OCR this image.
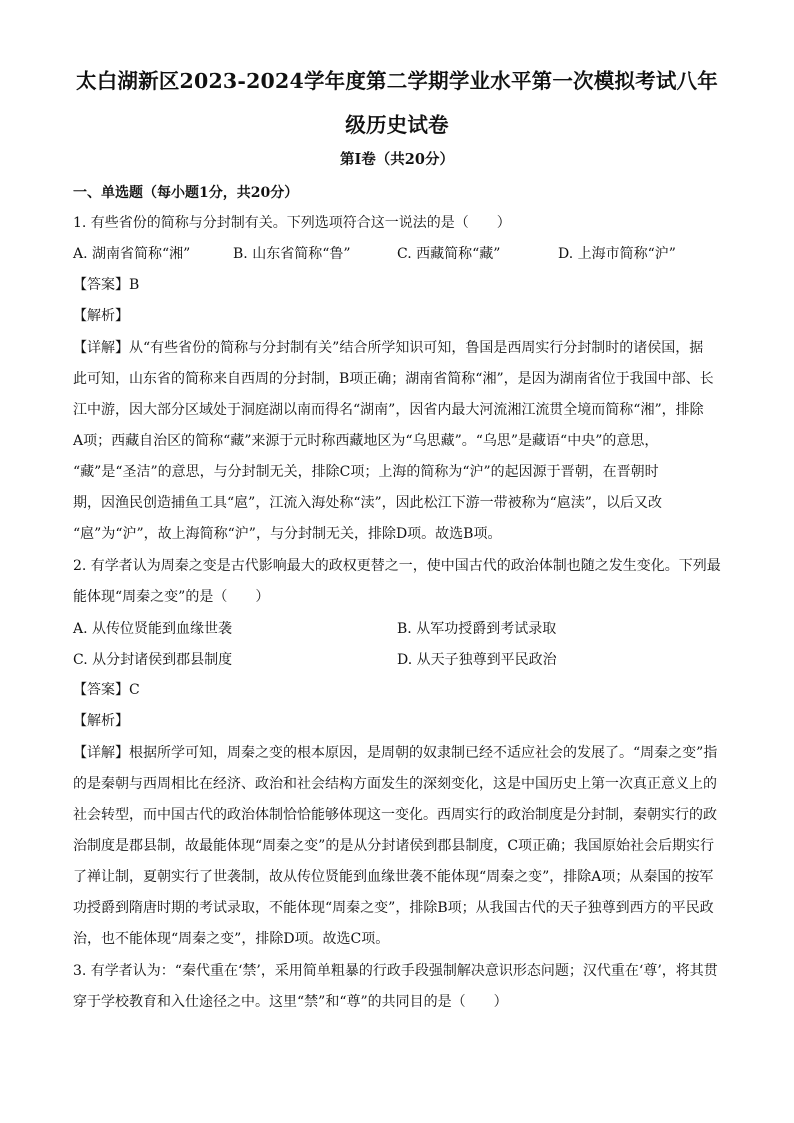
太白湖新区2023-2024学年度第二学期学业水平第一次模拟考试八年
级历史试卷
第Ⅰ卷（共20分）
一、单选题（每小题1分，共20分）
1. 有些省份的简称与分封制有关。下列选项符合这一说法的是（　　）
A. 湖南省简称“湘”	B. 山东省简称“鲁”	C. 西藏简称“藏”	D. 上海市简称“沪”
【答案】B
【解析】
【详解】从“有些省份的简称与分封制有关”结合所学知识可知，鲁国是西周实行分封制时的诸侯国，据
此可知，山东省的简称来自西周的分封制，B项正确；湖南省简称“湘”，是因为湖南省位于我国中部、长
江中游，因大部分区域处于洞庭湖以南而得名“湖南”，因省内最大河流湘江流贯全境而简称“湘”，排除
A项；西藏自治区的简称“藏”来源于元时称西藏地区为“乌思藏”。“乌思”是藏语“中央”的意思，
“藏”是“圣洁”的意思，与分封制无关，排除C项；上海的简称为“沪”的起因源于晋朝，在晋朝时
期，因渔民创造捕鱼工具“扈”，江流入海处称“渎”，因此松江下游一带被称为“扈渎”，以后又改
“扈”为“沪”，故上海简称“沪”，与分封制无关，排除D项。故选B项。
2. 有学者认为周秦之变是古代影响最大的政权更替之一，使中国古代的政治体制也随之发生变化。下列最
能体现“周秦之变”的是（　　）
A. 从传位贤能到血缘世袭	B. 从军功授爵到考试录取
C. 从分封诸侯到郡县制度	D. 从天子独尊到平民政治
【答案】C
【解析】
【详解】根据所学可知，周秦之变的根本原因，是周朝的奴隶制已经不适应社会的发展了。“周秦之变”指
的是秦朝与西周相比在经济、政治和社会结构方面发生的深刻变化，这是中国历史上第一次真正意义上的
社会转型，而中国古代的政治体制恰恰能够体现这一变化。西周实行的政治制度是分封制，秦朝实行的政
治制度是郡县制，故最能体现“周秦之变”的是从分封诸侯到郡县制度，C项正确；我国原始社会后期实行
了禅让制，夏朝实行了世袭制，故从传位贤能到血缘世袭不能体现“周秦之变”，排除A项；从秦国的按军
功授爵到隋唐时期的考试录取，不能体现“周秦之变”，排除B项；从我国古代的天子独尊到西方的平民政
治，也不能体现“周秦之变”，排除D项。故选C项。
3. 有学者认为：“秦代重在‘禁’，采用简单粗暴的行政手段强制解决意识形态问题；汉代重在‘尊’，将其贯
穿于学校教育和入仕途径之中。这里“禁”和“尊”的共同目的是（　　）
